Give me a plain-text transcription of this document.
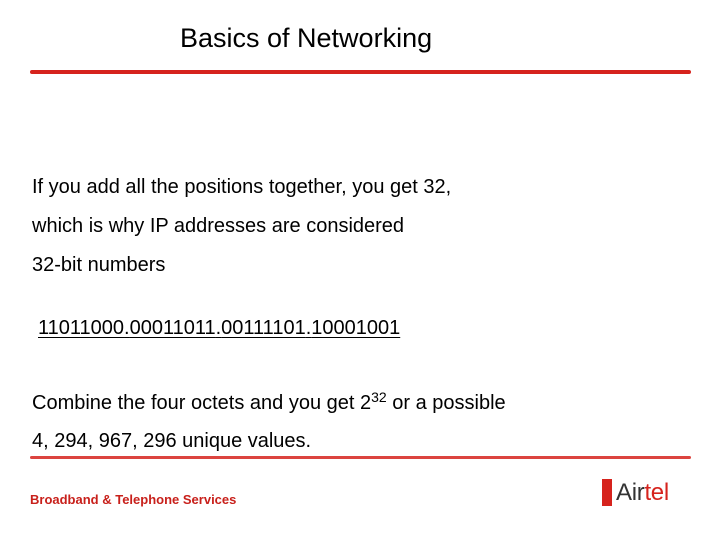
Basics of Networking
If you add all the positions together, you get 32,
which is why IP addresses are considered
32-bit numbers
11011000.00011011.00111101.10001001
Combine the four octets and you get $2^{32}$ or a possible
4, 294, 967, 296 unique values.
Broadband & Telephone Services	Airtel
